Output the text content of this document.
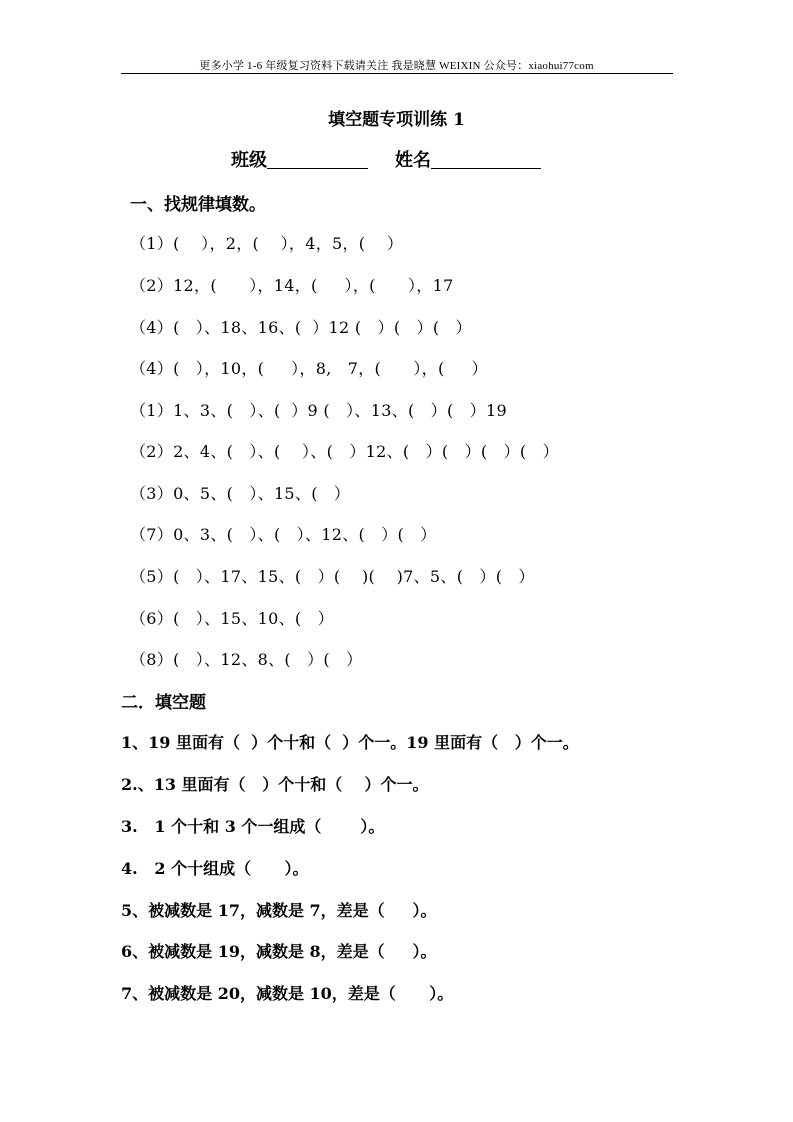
更多小学 1-6 年级复习资料下载请关注 我是晓慧 WEIXIN 公众号：xiaohui77com
填空题专项训练 1
班级	姓名
一、找规律填数。
（1）(    ），2，(    ），4，5，(    ）
（2）12，(      ），14，(     ），(      ），17
（4）(   ）、18、16、(  ）12 (   ）(   ）(   ）
（4）(   ），10，(     ），8,   7，(      ），(     ）
（1）1、3、(   ）、(  ）9 (   ）、13、(   ）(   ）19
（2）2、4、(   ）、(    ）、(   ）12、(   ）(   ）(   ）(   ）
（3）0、5、(   ）、15、(   ）
（7）0、3、(   ）、(   ）、12、(   ）(   ）
（5）(   ）、17、15、(   ）(    )(    )7、5、(   ）(   ）
（6）(   ）、15、10、(   ）
（8）(   ）、12、8、(   ）(   ）
二．填空题
1、19 里面有（  ）个十和（  ）个一。19 里面有（   ）个一。
2.、13 里面有（   ）个十和（    ）个一。
3.   1 个十和 3 个一组成（       ）。
4.   2 个十组成（      ）。
5、被减数是 17，减数是 7，差是（     ）。
6、被减数是 19，减数是 8，差是（     ）。
7、被减数是 20，减数是 10，差是（      ）。
